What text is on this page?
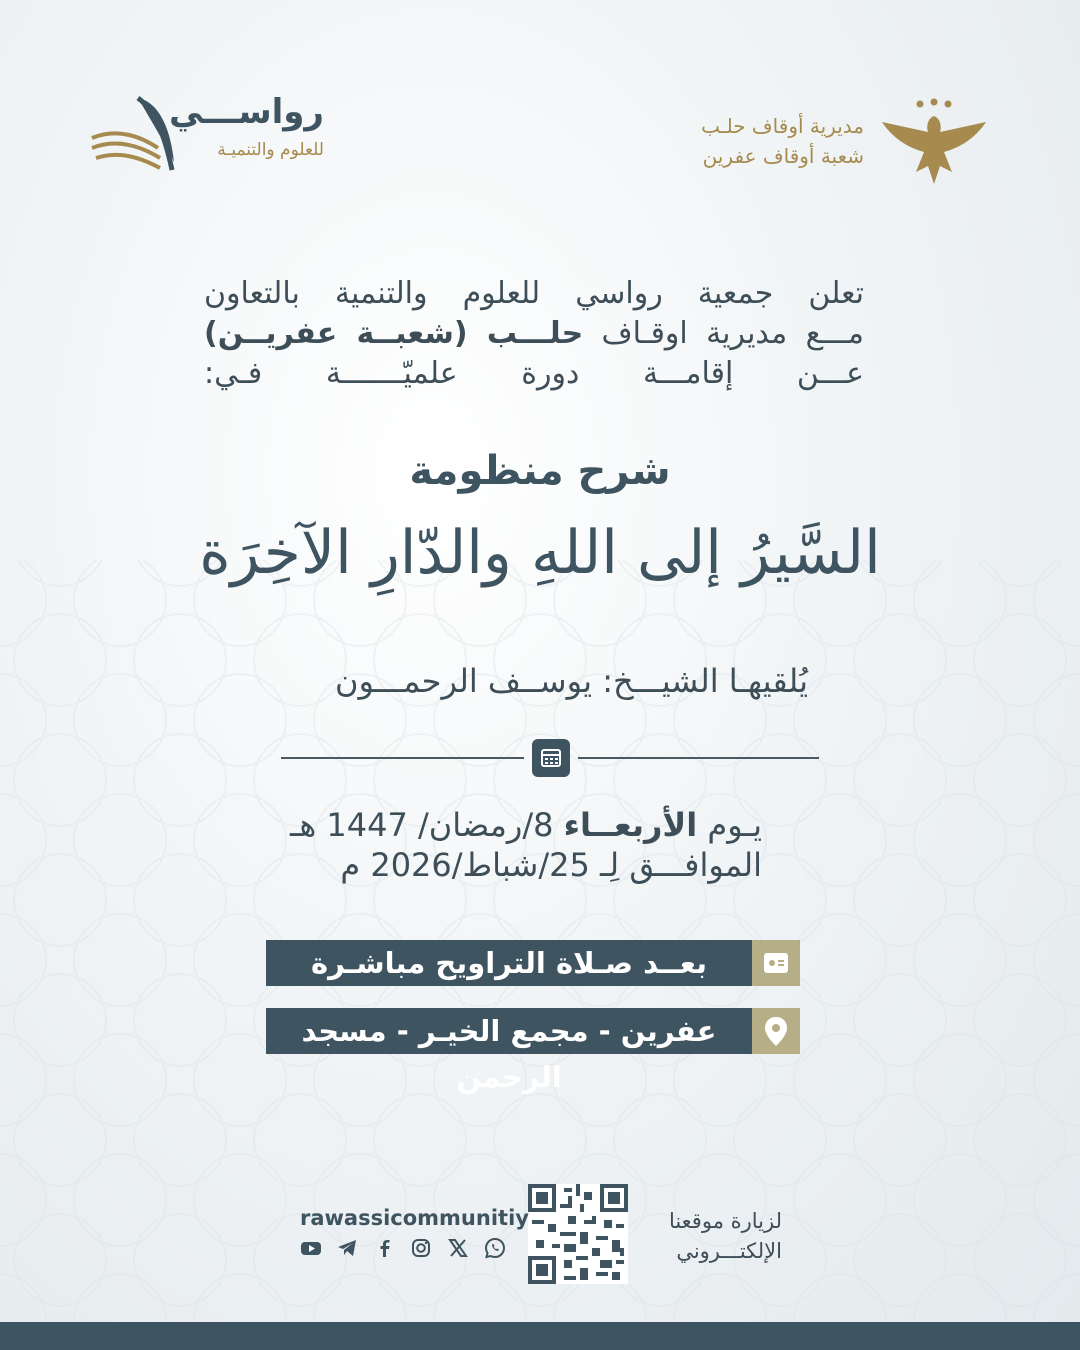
رواســـي
للعلوم والتنميـة
مديرية أوقاف حلـب
شعبة أوقاف عفرين
تعلن جمعية رواسي للعلوم والتنمية بالتعاون
مـــع مديرية اوقـاف حلـــب (شعبــة عفريــن)
عـــن إقامـــة دورة علميّـــــــة فـي:
شرح منظومة
السَّيرُ إلى اللهِ والدّارِ الآخِرَة
يُلقيهـا الشيـــخ: يوســف الرحمـــون
يـوم الأربعــاء 8/رمضان/ 1447 هـ
الموافـــق لِـ 25/شباط/2026 م
بعــد صـلاة التراويح مباشـرة
عفرين - مجمع الخيـر - مسجد الرحمن
لزيارة موقعنا
الإلكتـــروني
rawassicommunitiy
